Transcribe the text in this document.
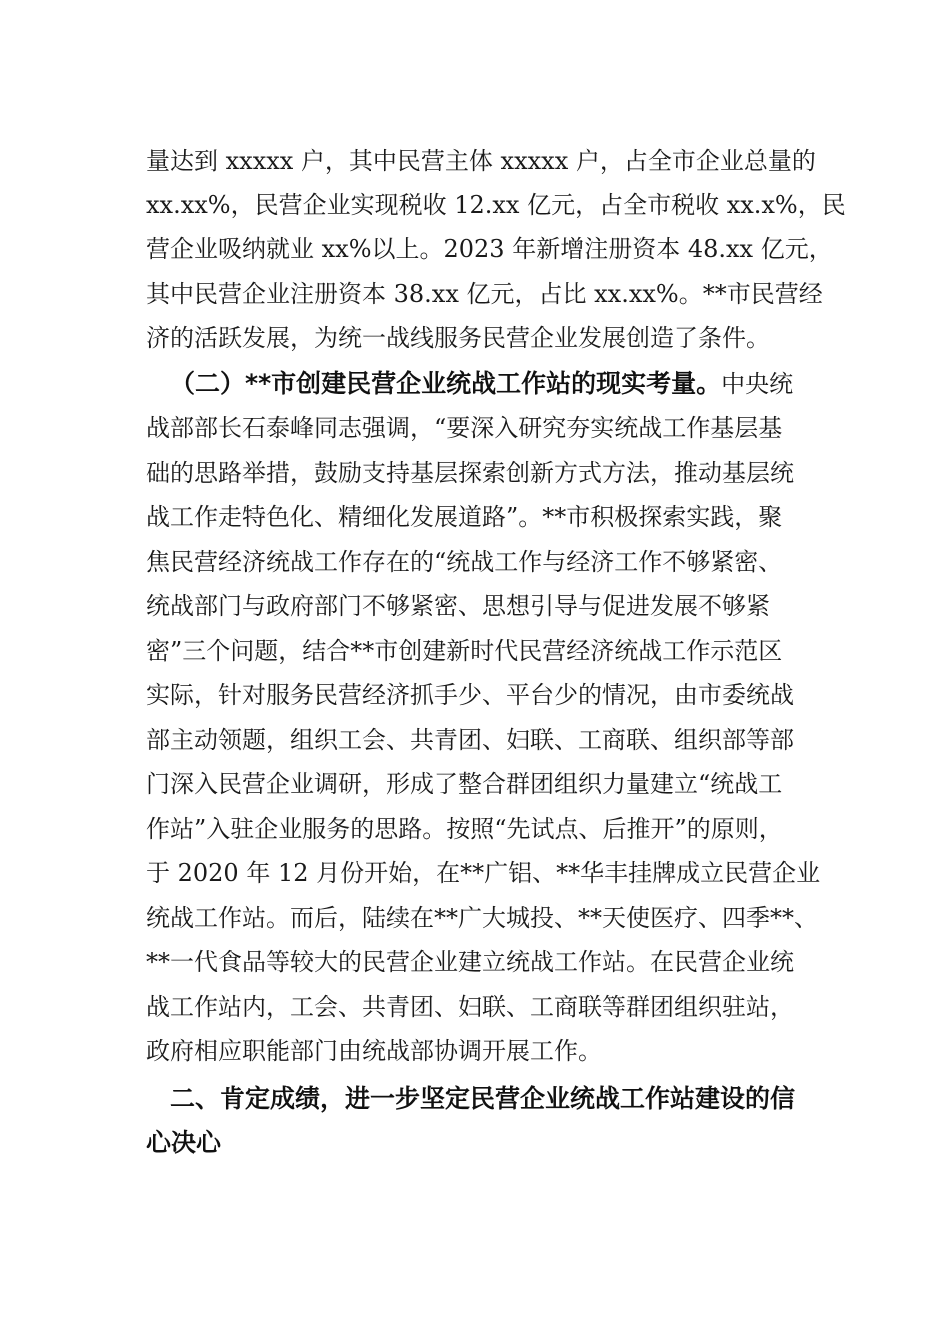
量达到 xxxxx 户，其中民营主体 xxxxx 户，占全市企业总量的
xx.xx%，民营企业实现税收 12.xx 亿元，占全市税收 xx.x%，民
营企业吸纳就业 xx%以上。2023 年新增注册资本 48.xx 亿元，
其中民营企业注册资本 38.xx 亿元，占比 xx.xx%。**市民营经
济的活跃发展，为统一战线服务民营企业发展创造了条件。
（二）**市创建民营企业统战工作站的现实考量。中央统
战部部长石泰峰同志强调，“要深入研究夯实统战工作基层基
础的思路举措，鼓励支持基层探索创新方式方法，推动基层统
战工作走特色化、精细化发展道路”。**市积极探索实践，聚
焦民营经济统战工作存在的“统战工作与经济工作不够紧密、
统战部门与政府部门不够紧密、思想引导与促进发展不够紧
密”三个问题，结合**市创建新时代民营经济统战工作示范区
实际，针对服务民营经济抓手少、平台少的情况，由市委统战
部主动领题，组织工会、共青团、妇联、工商联、组织部等部
门深入民营企业调研，形成了整合群团组织力量建立“统战工
作站”入驻企业服务的思路。按照“先试点、后推开”的原则，
于 2020 年 12 月份开始，在**广铝、**华丰挂牌成立民营企业
统战工作站。而后，陆续在**广大城投、**天使医疗、四季**、
**一代食品等较大的民营企业建立统战工作站。在民营企业统
战工作站内，工会、共青团、妇联、工商联等群团组织驻站，
政府相应职能部门由统战部协调开展工作。
二、肯定成绩，进一步坚定民营企业统战工作站建设的信
心决心
